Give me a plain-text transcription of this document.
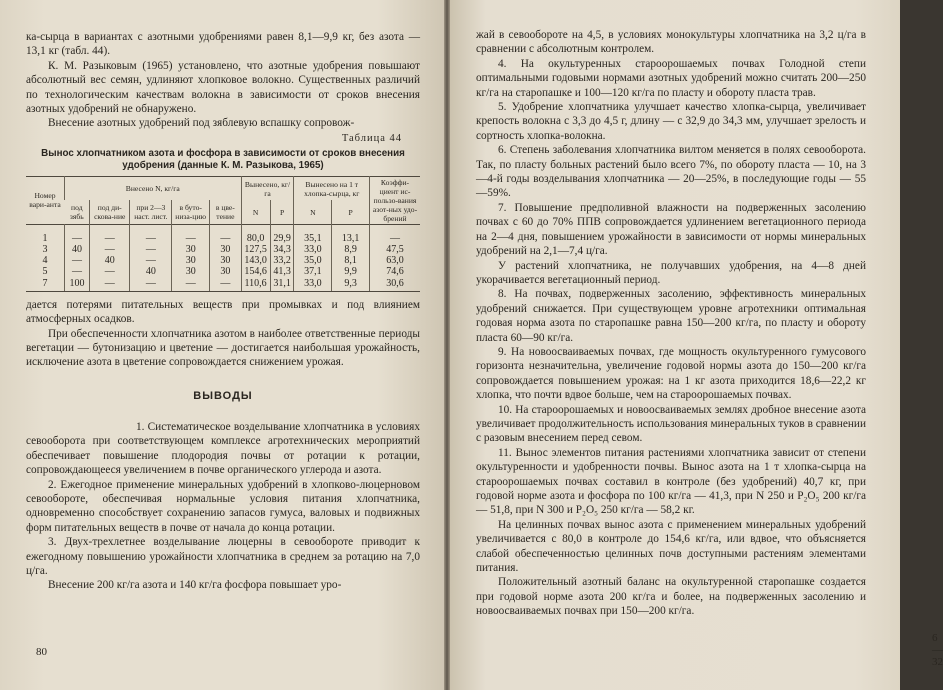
ка-сырца в вариантах с азотными удобрениями равен 8,1—9,9 кг, без азота — 13,1 кг (табл. 44).

К. М. Разыковым (1965) установлено, что азотные удобрения повышают абсолютный вес семян, удлиняют хлопковое волокно. Существенных различий по технологическим качествам волокна в зависимости от сроков внесения азотных удобрений не обнаружено.

Внесение азотных удобрений под зяблевую вспашку сопровож-

Таблица 44
Вынос хлопчатником азота и фосфора в зависимости от сроков внесения удобрения (данные К. М. Разыкова, 1965)
Номер вари-анта	Внесено N, кг/га					Вынесено, кг/га		Вынесено на 1 т хлопка-сырца, кг		Коэффи-циент ис-пользо-вания азот-ных удо-брений
	под зябь	под ди-скова-ние	при 2—3 наст. лист.	в буто-низа-цию	в цве-тение	N	P	N	P	
1	—	—	—	—	—	80,0	29,9	35,1	13,1	—
3	40	—	—	30	30	127,5	34,3	33,0	8,9	47,5
4	—	40	—	30	30	143,0	33,2	35,0	8,1	63,0
5	—	—	40	30	30	154,6	41,3	37,1	9,9	74,6
7	100	—	—	—	—	110,6	31,1	33,0	9,3	30,6

дается потерями питательных веществ при промывках и под влиянием атмосферных осадков.

При обеспеченности хлопчатника азотом в наиболее ответственные периоды вегетации — бутонизацию и цветение — достигается наибольшая урожайность, исключение азота в цветение сопровождается снижением урожая.

ВЫВОДЫ

1. Систематическое возделывание хлопчатника в условиях севооборота при соответствующем комплексе агротехнических мероприятий обеспечивает повышение плодородия почвы от ротации к ротации, сопровождающееся увеличением в почве органического углерода и азота.

2. Ежегодное применение минеральных удобрений в хлопково-люцерновом севообороте, обеспечивая нормальные условия питания хлопчатника, одновременно способствует сохранению запасов гумуса, валовых и подвижных форм питательных веществ в почве от начала до конца ротации.

3. Двух-трехлетнее возделывание люцерны в севообороте приводит к ежегодному повышению урожайности хлопчатника в среднем за ротацию на 7,0 ц/га.

Внесение 200 кг/га азота и 140 кг/га фосфора повышает уро-

80

жай в севообороте на 4,5, в условиях монокультуры хлопчатника на 3,2 ц/га в сравнении с абсолютным контролем.

4. На окультуренных староорошаемых почвах Голодной степи оптимальными годовыми нормами азотных удобрений можно считать 200—250 кг/га на старопашке и 100—120 кг/га по пласту и обороту пласта трав.

5. Удобрение хлопчатника улучшает качество хлопка-сырца, увеличивает крепость волокна с 3,3 до 4,5 г, длину — с 32,9 до 34,3 мм, улучшает зрелость и сортность хлопка-волокна.

6. Степень заболевания хлопчатника вилтом меняется в полях севооборота. Так, по пласту больных растений было всего 7%, по обороту пласта — 10, на 3—4-й годы возделывания хлопчатника — 20—25%, в последующие годы — 55—59%.

7. Повышение предполивной влажности на подверженных засолению почвах с 60 до 70% ППВ сопровождается удлинением вегетационного периода на 2—4 дня, повышением урожайности в зависимости от нормы минеральных удобрений на 2,1—7,4 ц/га.

У растений хлопчатника, не получавших удобрения, на 4—8 дней укорачивается вегетационный период.

8. На почвах, подверженных засолению, эффективность минеральных удобрений снижается. При существующем уровне агротехники оптимальная годовая норма азота по старопашке равна 150—200 кг/га, по пласту и обороту пласта 60—90 кг/га.

9. На новоосваиваемых почвах, где мощность окультуренного гумусового горизонта незначительна, увеличение годовой нормы азота до 150—200 кг/га сопровождается повышением урожая: на 1 кг азота приходится 18,6—22,2 кг хлопка, что почти вдвое больше, чем на староорошаемых почвах.

10. На староорошаемых и новоосваиваемых землях дробное внесение азота увеличивает продолжительность использования минеральных туков в сравнении с разовым внесением перед севом.

11. Вынос элементов питания растениями хлопчатника зависит от степени окультуренности и удобренности почвы. Вынос азота на 1 т хлопка-сырца на староорошаемых почвах составил в контроле (без удобрений) 40,7 кг, при годовой норме азота и фосфора по 100 кг/га — 41,3, при N 250 и P₂O₅ 200 кг/га — 51,8, при N 300 и P₂O₅ 250 кг/га — 58,2 кг.

На целинных почвах вынос азота с применением минеральных удобрений увеличивается с 80,0 в контроле до 154,6 кг/га, или вдвое, что объясняется слабой обеспеченностью целинных почв доступными растениям элементами питания.

Положительный азотный баланс на окультуренной старопашке создается при годовой норме азота 200 кг/га и более, на подверженных засолению и новоосваиваемых почвах при 150—200 кг/га.

6—32
